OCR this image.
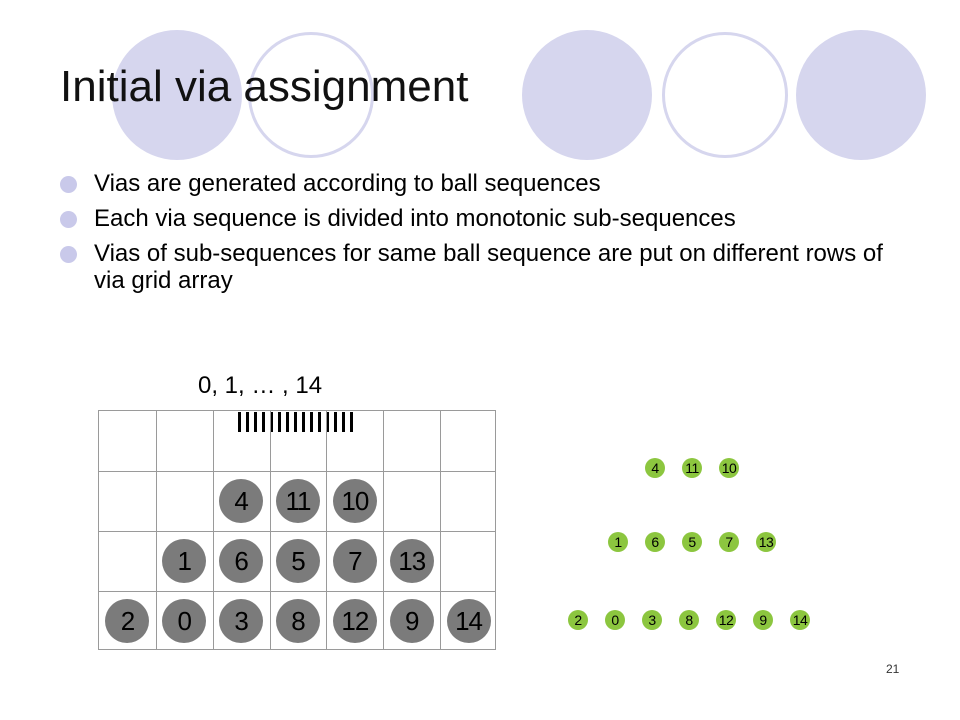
Initial via assignment
Vias are generated according to ball sequences
Each via sequence is divided into monotonic sub-sequences
Vias of sub-sequences for same ball sequence are put on different rows of via grid array
0, 1, … , 14
4 11 10
1 6 5 7 13
2 0 3 8 12 9 14
4 11 10
1 6 5 7 13
2 0 3 8 12 9 14
21
